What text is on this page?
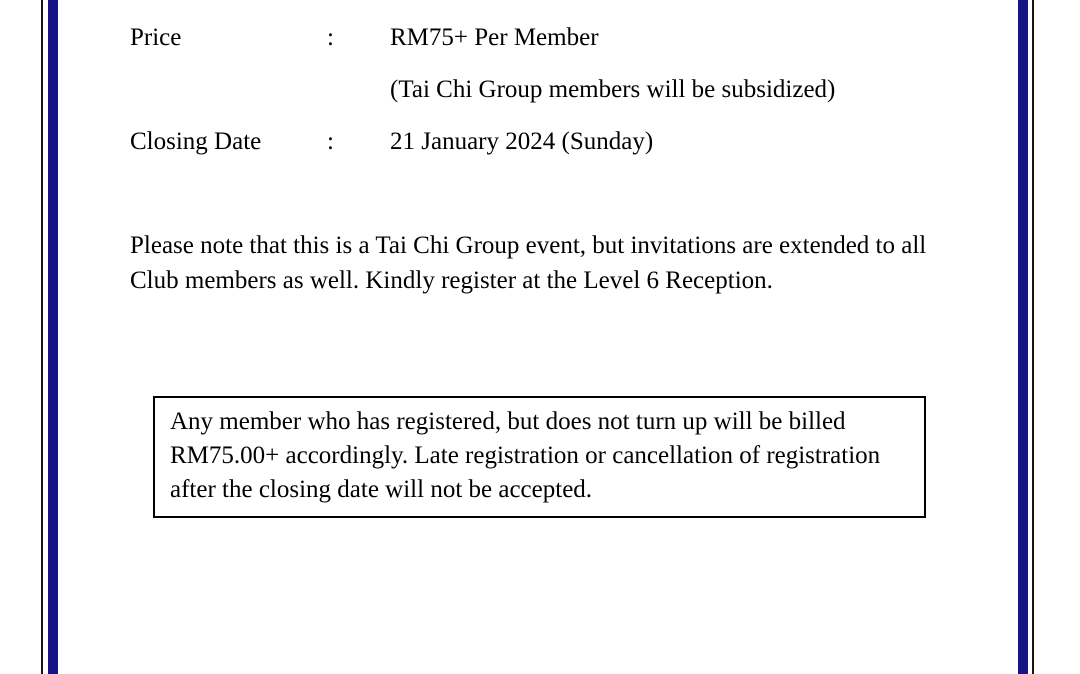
Price	: RM75+ Per Member
(Tai Chi Group members will be subsidized)
Closing Date	: 21 January 2024 (Sunday)
Please note that this is a Tai Chi Group event, but invitations are extended to all Club members as well. Kindly register at the Level 6 Reception.
Any member who has registered, but does not turn up will be billed RM75.00+ accordingly. Late registration or cancellation of registration after the closing date will not be accepted.
